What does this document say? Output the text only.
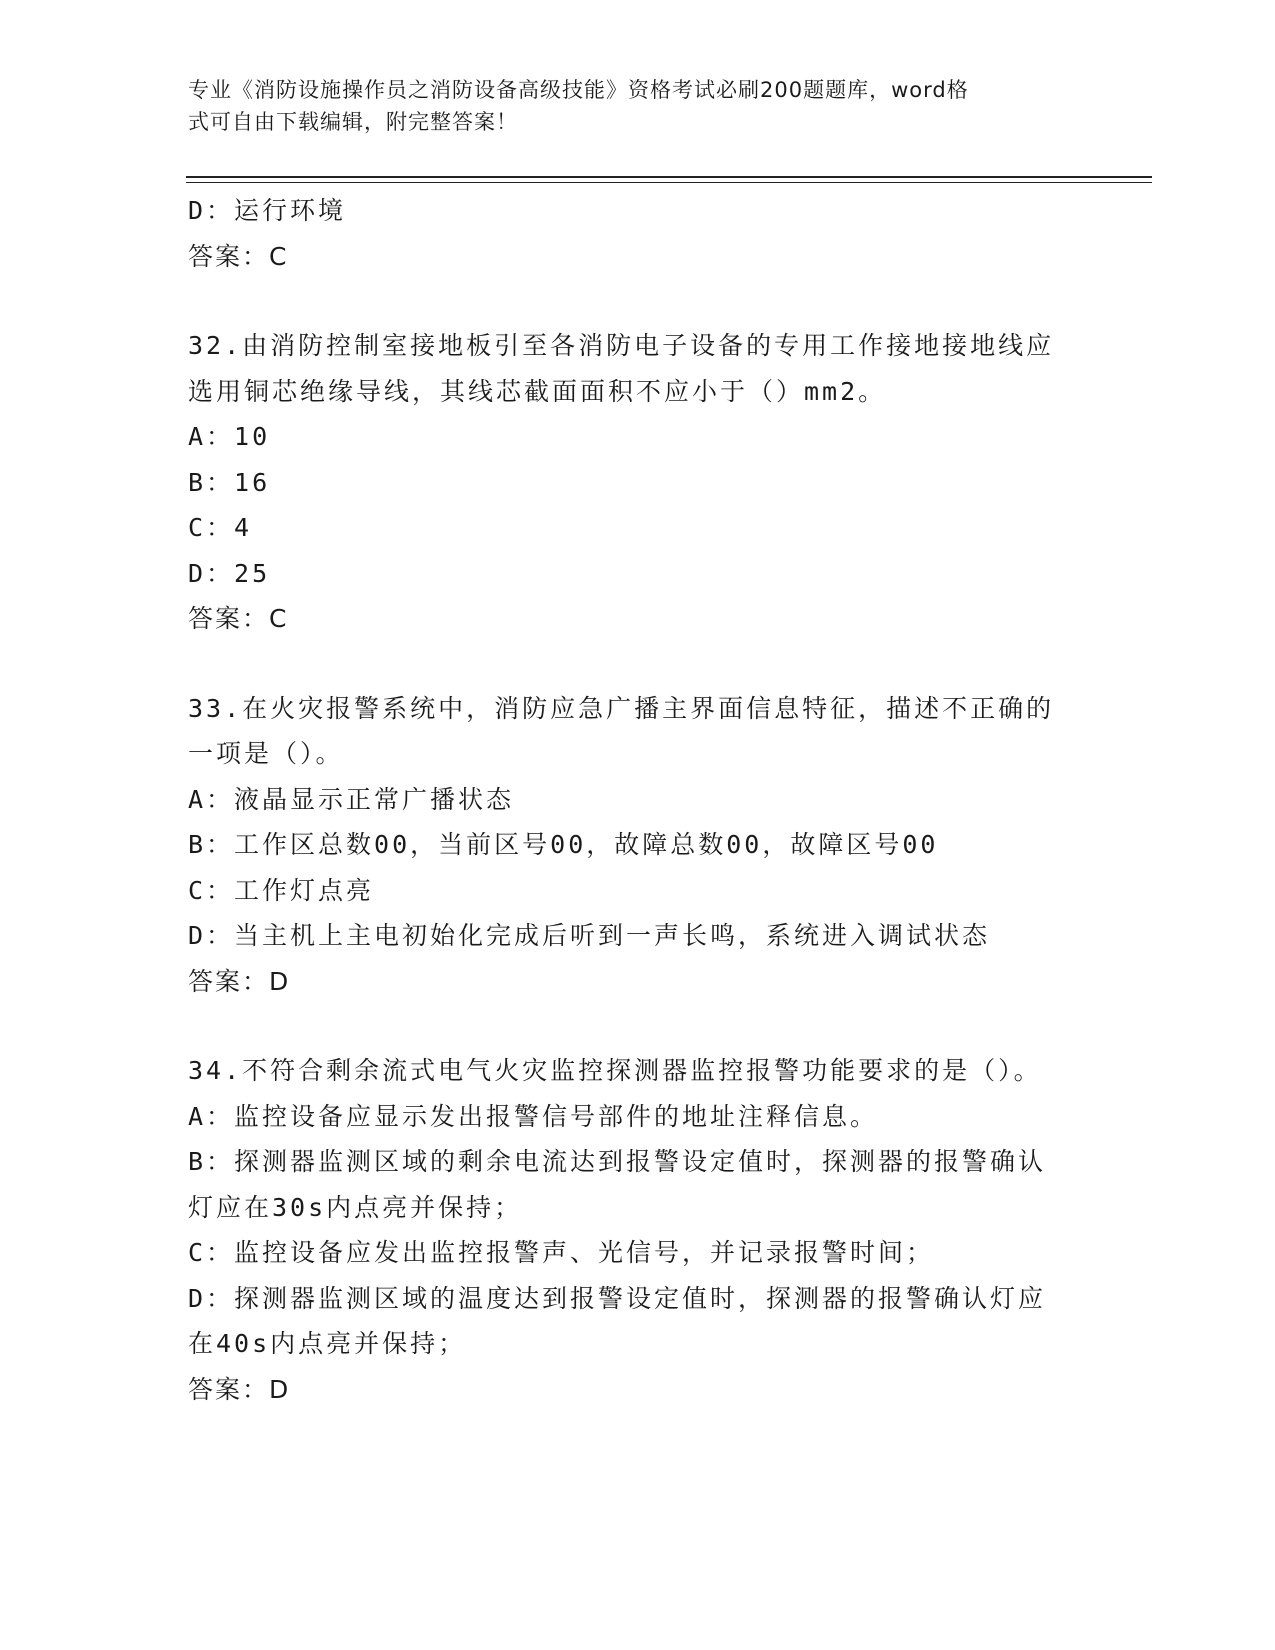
专业《消防设施操作员之消防设备高级技能》资格考试必刷200题题库，word格
式可自由下载编辑，附完整答案！
D：运行环境
答案：C
32.由消防控制室接地板引至各消防电子设备的专用工作接地接地线应
选用铜芯绝缘导线，其线芯截面面积不应小于（）mm2。
A：10
B：16
C：4
D：25
答案：C
33.在火灾报警系统中，消防应急广播主界面信息特征，描述不正确的
一项是（）。
A：液晶显示正常广播状态
B：工作区总数00，当前区号00，故障总数00，故障区号00
C：工作灯点亮
D：当主机上主电初始化完成后听到一声长鸣，系统进入调试状态
答案：D
34.不符合剩余流式电气火灾监控探测器监控报警功能要求的是（）。
A：监控设备应显示发出报警信号部件的地址注释信息。
B：探测器监测区域的剩余电流达到报警设定值时，探测器的报警确认
灯应在30s内点亮并保持；
C：监控设备应发出监控报警声、光信号，并记录报警时间；
D：探测器监测区域的温度达到报警设定值时，探测器的报警确认灯应
在40s内点亮并保持；
答案：D
